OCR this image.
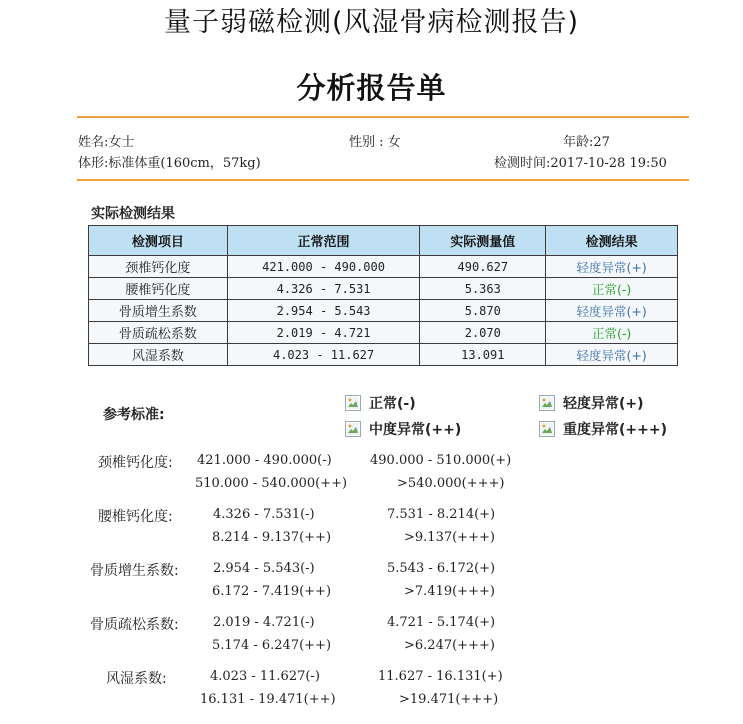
量子弱磁检测(风湿骨病检测报告)
分析报告单
姓名:女士	性别 : 女	年龄:27
体形:标准体重(160cm，57kg)	检测时间:2017-10-28 19:50
实际检测结果
检测项目	正常范围	实际测量值	检测结果
颈椎钙化度	421.000 - 490.000	490.627	轻度异常(+)
腰椎钙化度	4.326 - 7.531	5.363	正常(-)
骨质增生系数	2.954 - 5.543	5.870	轻度异常(+)
骨质疏松系数	2.019 - 4.721	2.070	正常(-)
风湿系数	4.023 - 11.627	13.091	轻度异常(+)
参考标准:
正常(-)	轻度异常(+)
中度异常(++)	重度异常(+++)
颈椎钙化度: 421.000 - 490.000(-)	490.000 - 510.000(+)
510.000 - 540.000(++)	>540.000(+++)
腰椎钙化度:	4.326 - 7.531(-)	7.531 - 8.214(+)
8.214 - 9.137(++)	>9.137(+++)
骨质增生系数:	2.954 - 5.543(-)	5.543 - 6.172(+)
6.172 - 7.419(++)	>7.419(+++)
骨质疏松系数:	2.019 - 4.721(-)	4.721 - 5.174(+)
5.174 - 6.247(++)	>6.247(+++)
风湿系数:	4.023 - 11.627(-)	11.627 - 16.131(+)
16.131 - 19.471(++)	>19.471(+++)
